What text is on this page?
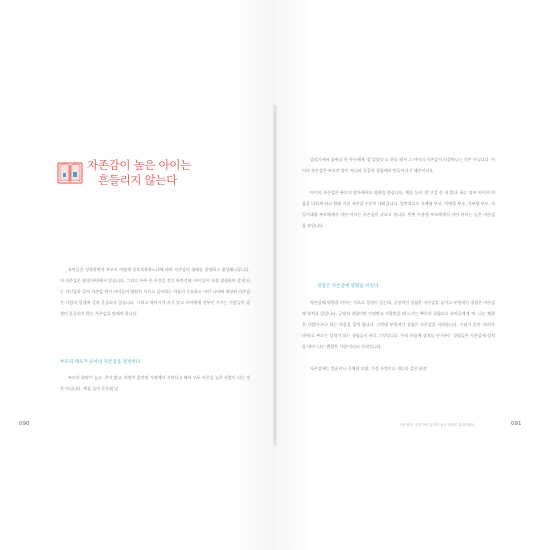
자존감이 높은 아이는
흔들리지 않는다

유아들은 성장하면서 부모의 어떻게 상호작용하느냐에 따라 자존감의 형태를 결정하고 형성해나갑니다. 이 자존감은 쉽게 단단해지 않습니다. 그리고 아주 큰 사건을 겪기 마련인데, 아이들이 직접 경험하며 갖게 되는 자신감과 같이 자존감 역시 아이들이 영원히 지키고 싶어하는 마음의 중요하고 어린 나이에 형성된 자존감은 사람의 일생에 걸쳐 흔들리지 않습니다. 그리고 영아기가 자기 말고 아이에게 전부인 시기는 사람들이 감정이 흔들리지 않는 자존감을 말해야 합니다.

부모의 태도가 유아의 자존감을 결정한다

부모의 취약이 높고, 존이 많고, 사람이 훈련된 가정에서 자란다고 해서 모두 자존감 높은 사람이 되는 것은 아닙니다. 예를 들어 운동회 날

090

달리기에서 꼴찌를 한 아이에게 '잘 달렸다'고 한다 해서 그 아이의 자존감이 되살아나는 것은 아닙니다. 아이의 자존감은 부모의 말이 아니라 성공의 경험에서 만들어지기 때문이지요.

아이의 자존감은 부모의 말투에서도 영향을 받습니다. 예를 들어 '잘 난걸 준 적 있다' 하는 말이 아이의 마음을 다치게 하고 원래 가진 자존감 수준이 내려갑니다. 일반적으로 지배형 부모, 익애형 부모, 거부형 부모, 과잉기대형 부모에게서 자란 아이는 자존감이 낮다고 합니다. 반면 수용형 부모에게서 자란 아이는 높은 자존감을 보입니다.

경험은 자존감에 영향을 미친다

자존감에 영향을 미치는 것으로 경험이 있는데, 긍정적인 경험은 자존감을 높이고 부정적인 경험은 자존감에 상처를 입힙니다. 긍정적 경험이란 인정받고 사랑받을 때 느끼는 뿌듯한 경험으로 유아들에게 '아, 나는 괜찮은 사람이구나' 하는 마음을 갖게 합니다. 그런데 부정적인 경험은 자존감을 저하합니다. 우리가 흔히 '트라우마'라고 부르는 상처가 되는 경험들이 바로 그것입니다. 우리 마음에 상처를 안겨주는 경험들은 자존감에 상처를 내어 '나는 괜찮은 사람'이라고 속삭입니다.

자존감에는 얼굴이나 신체의 모양, 가정 사정이나 재능과 같은 외적

1장 엄마, 먼저 아이 유아기 높은 아이로 길러주세요	091
